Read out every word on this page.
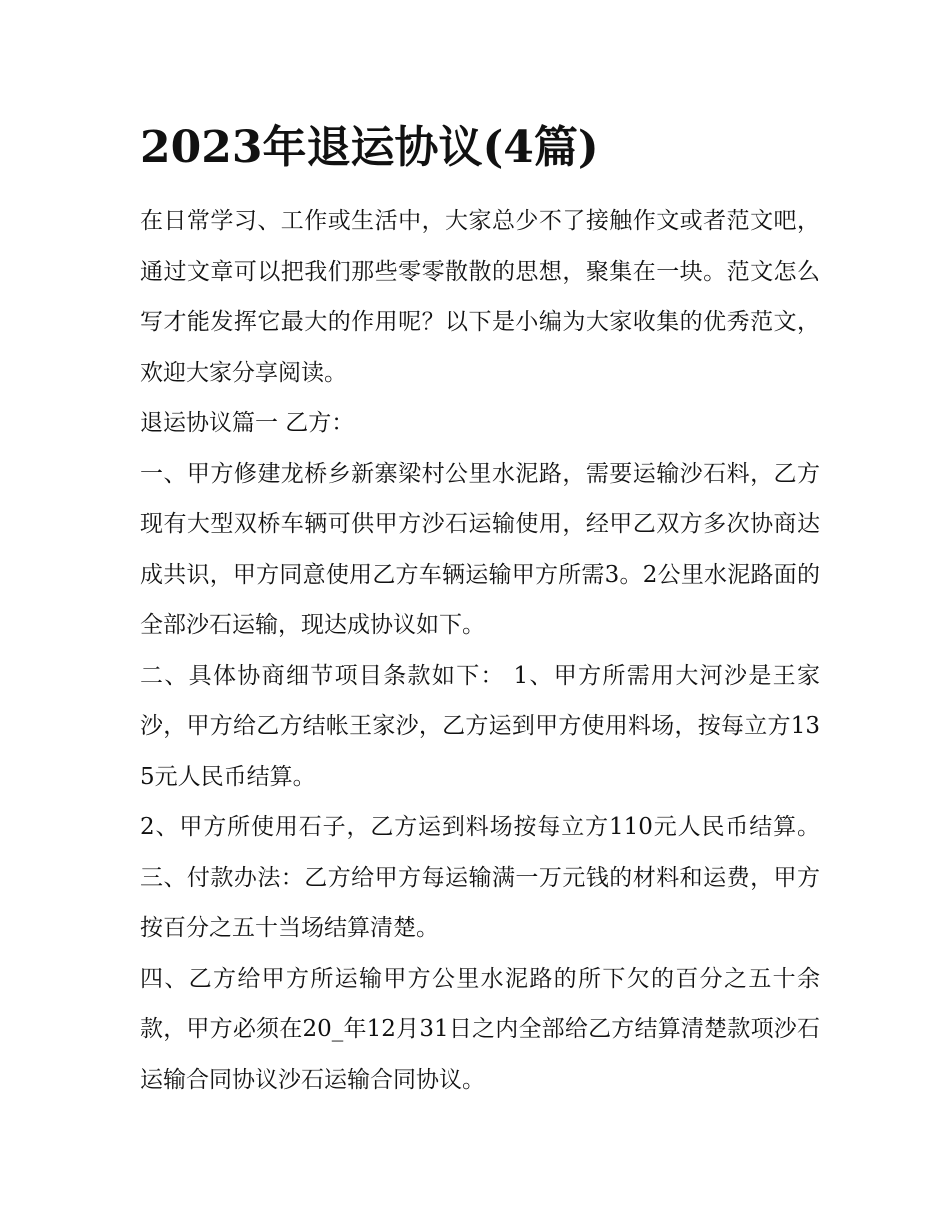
2023年退运协议(4篇)

在日常学习、工作或生活中，大家总少不了接触作文或者范文吧，通过文章可以把我们那些零零散散的思想，聚集在一块。范文怎么写才能发挥它最大的作用呢？以下是小编为大家收集的优秀范文，欢迎大家分享阅读。

退运协议篇一 乙方：

一、甲方修建龙桥乡新寨梁村公里水泥路，需要运输沙石料，乙方现有大型双桥车辆可供甲方沙石运输使用，经甲乙双方多次协商达成共识，甲方同意使用乙方车辆运输甲方所需3。2公里水泥路面的全部沙石运输，现达成协议如下。

二、具体协商细节项目条款如下： 1、甲方所需用大河沙是王家沙，甲方给乙方结帐王家沙，乙方运到甲方使用料场，按每立方135元人民币结算。

2、甲方所使用石子，乙方运到料场按每立方110元人民币结算。 三、付款办法：乙方给甲方每运输满一万元钱的材料和运费，甲方按百分之五十当场结算清楚。

四、乙方给甲方所运输甲方公里水泥路的所下欠的百分之五十余款，甲方必须在20_年12月31日之内全部给乙方结算清楚款项沙石运输合同协议沙石运输合同协议。
